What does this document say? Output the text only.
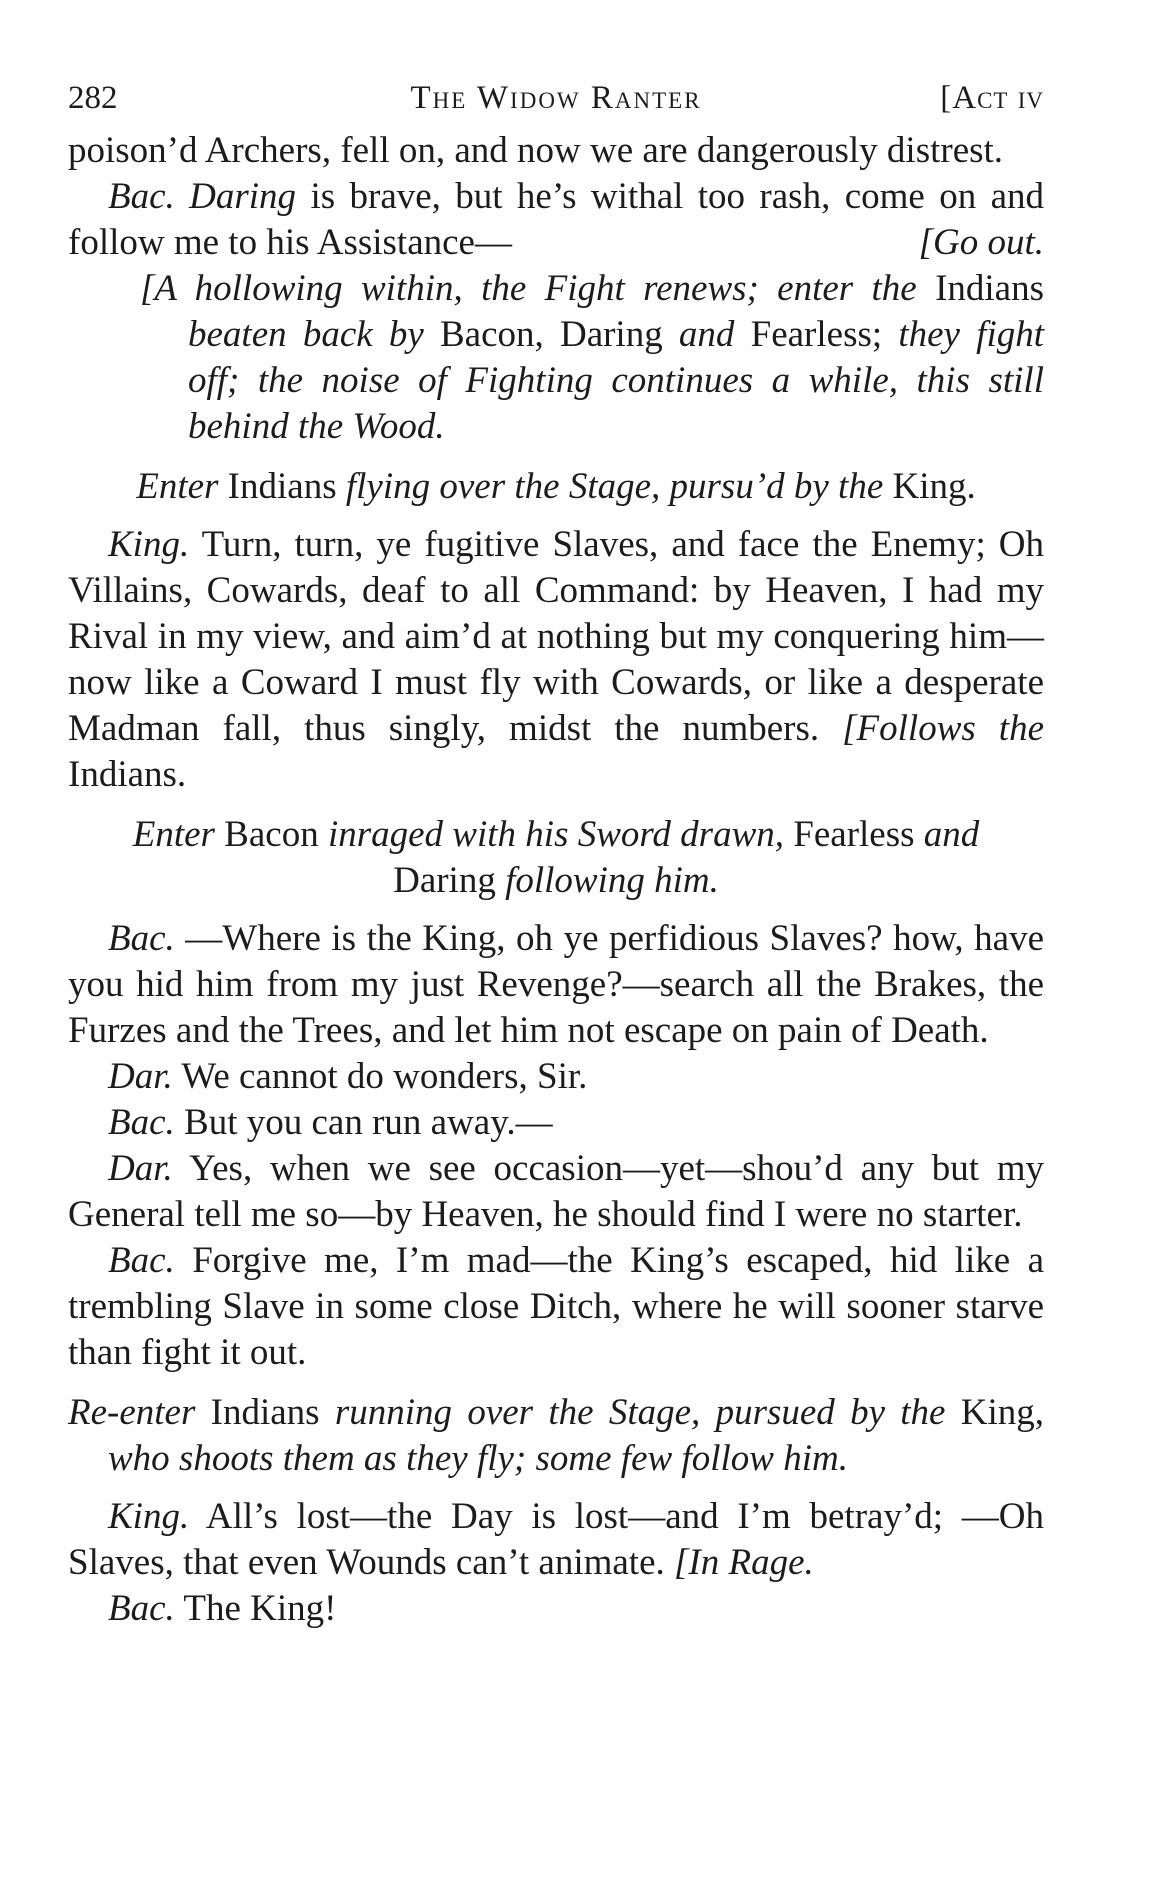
282	The Widow Ranter	[Act iv

poison’d Archers, fell on, and now we are dangerously distrest.

Bac. Daring is brave, but he’s withal too rash, come on and follow me to his Assistance—	[Go out.

[A hollowing within, the Fight renews; enter the Indians beaten back by Bacon, Daring and Fearless; they fight off; the noise of Fighting continues a while, this still behind the Wood.

Enter Indians flying over the Stage, pursu’d by the King.

King. Turn, turn, ye fugitive Slaves, and face the Enemy; Oh Villains, Cowards, deaf to all Command: by Heaven, I had my Rival in my view, and aim’d at nothing but my conquering him—now like a Coward I must fly with Cowards, or like a desperate Madman fall, thus singly, midst the numbers. [Follows the Indians.

Enter Bacon inraged with his Sword drawn, Fearless and
Daring following him.

Bac. —Where is the King, oh ye perfidious Slaves? how, have you hid him from my just Revenge?—search all the Brakes, the Furzes and the Trees, and let him not escape on pain of Death.

Dar. We cannot do wonders, Sir.

Bac. But you can run away.—

Dar. Yes, when we see occasion—yet—shou’d any but my General tell me so—by Heaven, he should find I were no starter.

Bac. Forgive me, I’m mad—the King’s escaped, hid like a trembling Slave in some close Ditch, where he will sooner starve than fight it out.

Re-enter Indians running over the Stage, pursued by the King, who shoots them as they fly; some few follow him.

King. All’s lost—the Day is lost—and I’m betray’d; —Oh Slaves, that even Wounds can’t animate. [In Rage.

Bac. The King!
